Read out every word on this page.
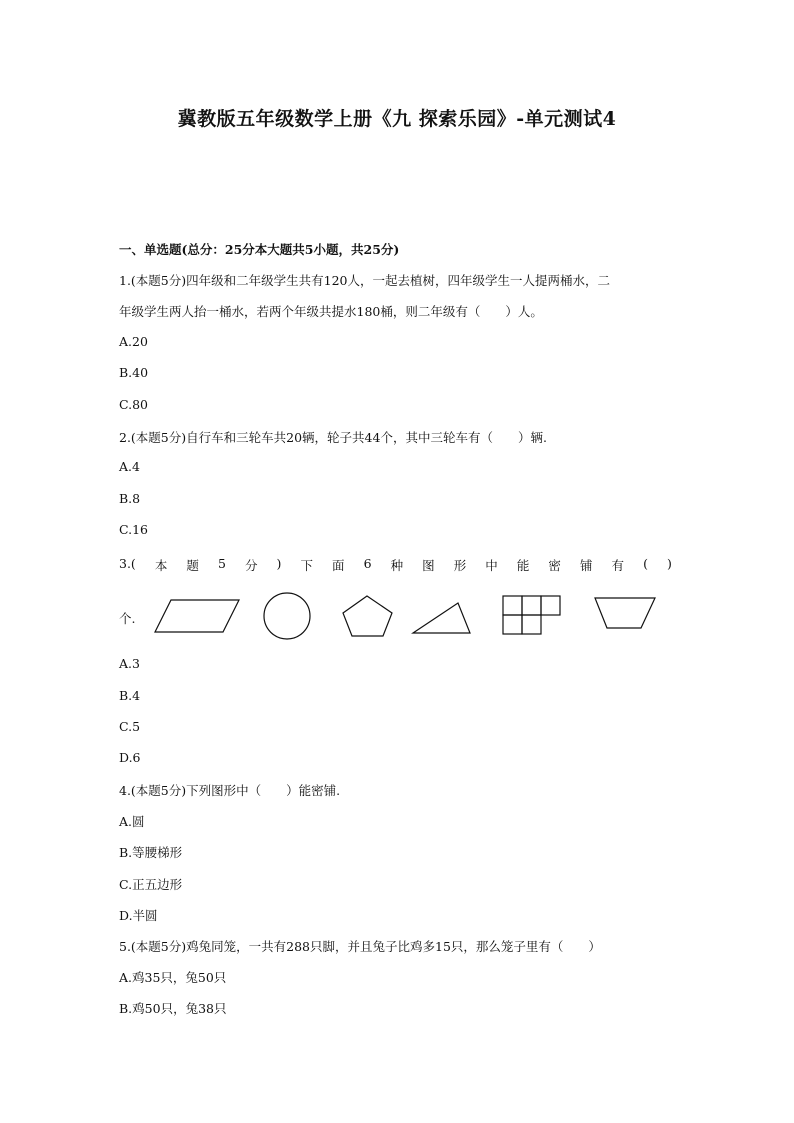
冀教版五年级数学上册《九 探索乐园》-单元测试4
一、单选题(总分：25分本大题共5小题，共25分)
1.(本题5分)四年级和二年级学生共有120人，一起去植树，四年级学生一人提两桶水，二
年级学生两人抬一桶水，若两个年级共提水180桶，则二年级有（　　）人。
A.20
B.40
C.80
2.(本题5分)自行车和三轮车共20辆，轮子共44个，其中三轮车有（　　）辆.
A.4
B.8
C.16
3.( 本 题 5 分 ) 下 面 6 种 图 形 中 能 密 铺 有 ( )
个.
A.3
B.4
C.5
D.6
4.(本题5分)下列图形中（　　）能密铺.
A.圆
B.等腰梯形
C.正五边形
D.半圆
5.(本题5分)鸡兔同笼，一共有288只脚，并且兔子比鸡多15只，那么笼子里有（　　）
A.鸡35只，兔50只
B.鸡50只，兔38只
